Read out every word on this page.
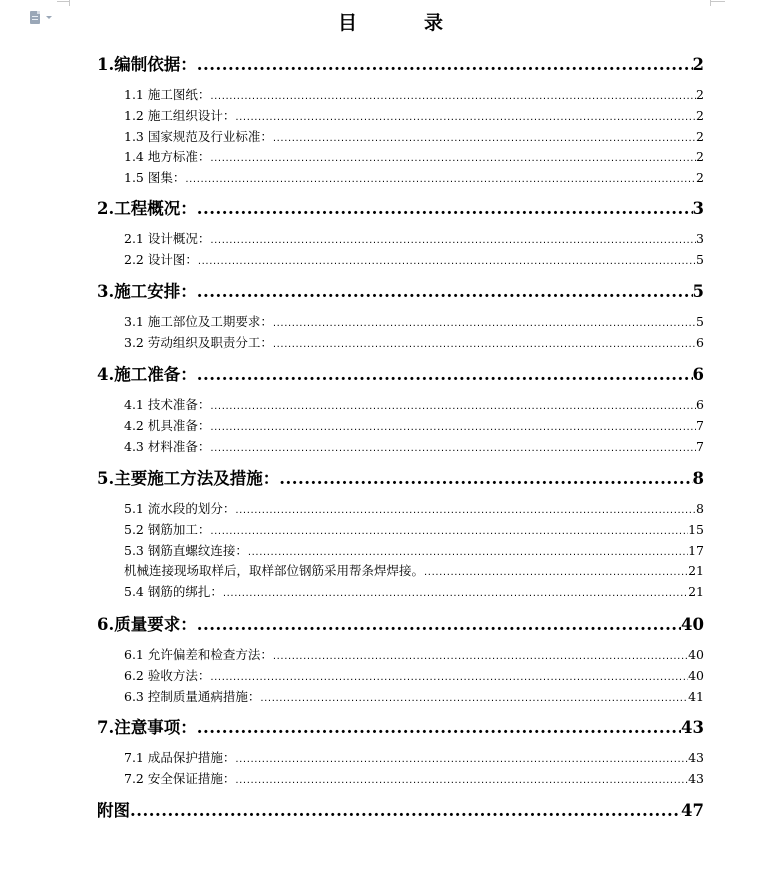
目　录
1.编制依据： .....	2
1.1 施工图纸： .....	2
1.2 施工组织设计： .....	2
1.3 国家规范及行业标准： .....	2
1.4 地方标准： .....	2
1.5 图集： .....	2
2.工程概况： .....	3
2.1 设计概况： .....	3
2.2 设计图： .....	5
3.施工安排： .....	5
3.1 施工部位及工期要求： .....	5
3.2 劳动组织及职责分工： .....	6
4.施工准备： .....	6
4.1 技术准备： .....	6
4.2 机具准备： .....	7
4.3 材料准备： .....	7
5.主要施工方法及措施： .....	8
5.1 流水段的划分： .....	8
5.2 钢筋加工： .....	15
5.3 钢筋直螺纹连接： .....	17
机械连接现场取样后，取样部位钢筋采用帮条焊焊接。 .....	21
5.4 钢筋的绑扎： .....	21
6.质量要求： .....	40
6.1 允许偏差和检查方法： .....	40
6.2 验收方法： .....	40
6.3 控制质量通病措施： .....	41
7.注意事项： .....	43
7.1 成品保护措施： .....	43
7.2 安全保证措施： .....	43
附图 .....	47
